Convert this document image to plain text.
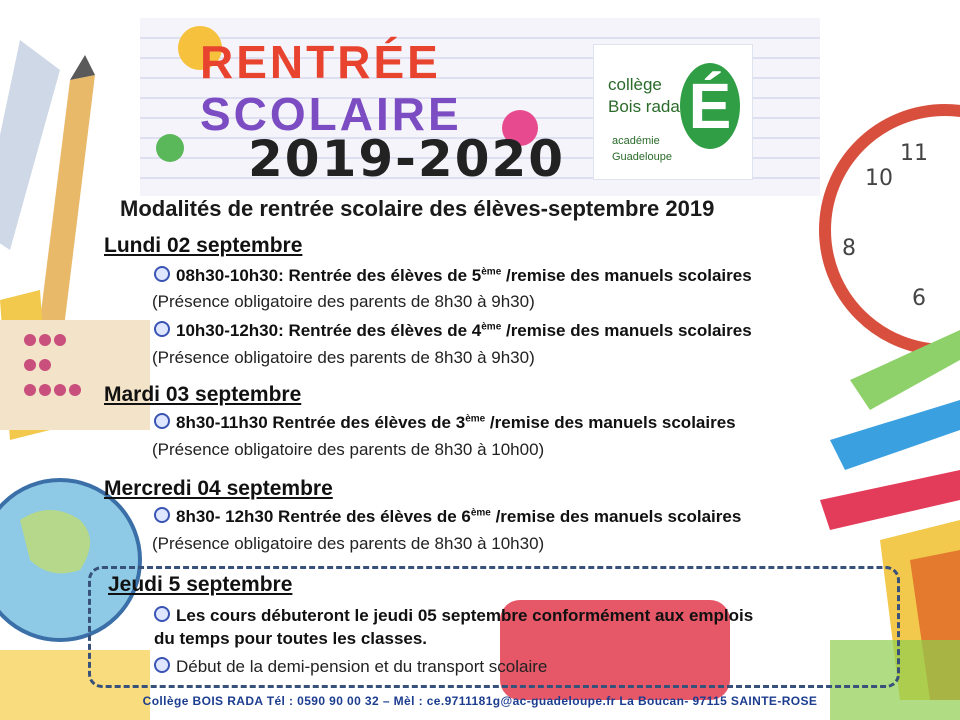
11
10
8
6
RENTRÉE
SCOLAIRE
2019-2020
collège
Bois rada É
académie
Guadeloupe
Modalités de rentrée scolaire des élèves-septembre 2019
Lundi 02 septembre
08h30-10h30: Rentrée des élèves de 5ème /remise des manuels scolaires
(Présence obligatoire des parents de 8h30 à 9h30)
10h30-12h30: Rentrée des élèves de 4ème /remise des manuels scolaires
(Présence obligatoire des parents de 8h30 à 9h30)
Mardi 03 septembre
8h30-11h30 Rentrée des élèves de 3ème /remise des manuels scolaires
(Présence obligatoire des parents de 8h30 à 10h00)
Mercredi 04 septembre
8h30- 12h30 Rentrée des élèves de 6ème /remise des manuels scolaires
(Présence obligatoire des parents de 8h30 à 10h30)
Jeudi 5 septembre
Les cours débuteront le jeudi 05 septembre conformément aux emplois
du temps pour toutes les classes.
Début de la demi-pension et du transport scolaire
Collège BOIS RADA Tél : 0590 90 00 32 – Mèl : ce.9711181g@ac-guadeloupe.fr La Boucan- 97115 SAINTE-ROSE
